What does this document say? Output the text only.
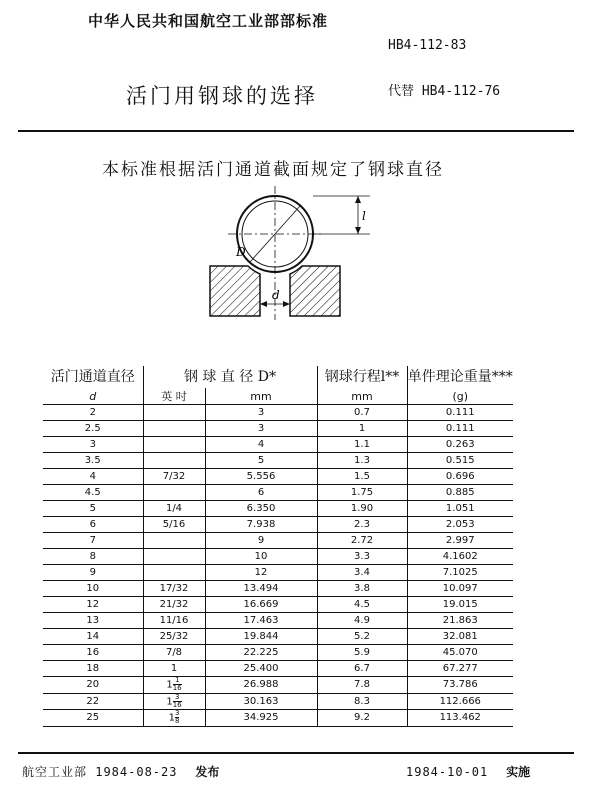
中华人民共和国航空工业部部标准
HB4-112-83
活门用钢球的选择	代替 HB4-112-76
本标准根据活门通道截面规定了钢球直径
D
l
d
活门通道直径	钢 球 直 径 D*		钢球行程l**	单件理论重量***
d	英 吋	mm	mm	(g)
2		3	0.7	0.111
2.5		3	1	0.111
3		4	1.1	0.263
3.5		5	1.3	0.515
4	7/32	5.556	1.5	0.696
4.5		6	1.75	0.885
5	1/4	6.350	1.90	1.051
6	5/16	7.938	2.3	2.053
7		9	2.72	2.997
8		10	3.3	4.1602
9		12	3.4	7.1025
10	17/32	13.494	3.8	10.097
12	21/32	16.669	4.5	19.015
13	11/16	17.463	4.9	21.863
14	25/32	19.844	5.2	32.081
16	7/8	22.225	5.9	45.070
18	1	25.400	6.7	67.277
20	$1 \frac{1}{16}$	26.988	7.8	73.786
22	$1 \frac{3}{16}$	30.163	8.3	112.666
25	$1 \frac{3}{8}$	34.925	9.2	113.462
航空工业部 1984-08-23 发布	1984-10-01 实施
